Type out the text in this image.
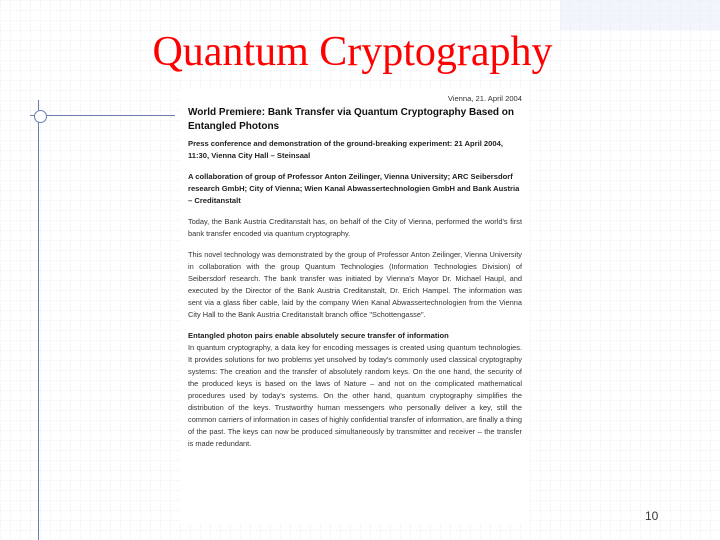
Quantum Cryptography
Vienna, 21. April 2004
World Premiere: Bank Transfer via Quantum Cryptography Based on Entangled Photons
Press conference and demonstration of the ground-breaking experiment: 21 April 2004, 11:30, Vienna City Hall – Steinsaal
A collaboration of group of Professor Anton Zeilinger, Vienna University; ARC Seibersdorf research GmbH; City of Vienna; Wien Kanal Abwassertechnologien GmbH and Bank Austria – Creditanstalt
Today, the Bank Austria Creditanstalt has, on behalf of the City of Vienna, performed the world's first bank transfer encoded via quantum cryptography.
This novel technology was demonstrated by the group of Professor Anton Zeilinger, Vienna University in collaboration with the group Quantum Technologies (Information Technologies Division) of Seibersdorf research. The bank transfer was initiated by Vienna's Mayor Dr. Michael Haupl, and executed by the Director of the Bank Austria Creditanstalt, Dr. Erich Hampel. The information was sent via a glass fiber cable, laid by the company Wien Kanal Abwassertechnologien from the Vienna City Hall to the Bank Austria Creditanstalt branch office "Schottengasse".
Entangled photon pairs enable absolutely secure transfer of information
In quantum cryptography, a data key for encoding messages is created using quantum technologies. It provides solutions for two problems yet unsolved by today's commonly used classical cryptography systems: The creation and the transfer of absolutely random keys. On the one hand, the security of the produced keys is based on the laws of Nature – and not on the complicated mathematical procedures used by today's systems. On the other hand, quantum cryptography simplifies the distribution of the keys. Trustworthy human messengers who personally deliver a key, still the common carriers of information in cases of highly confidential transfer of information, are finally a thing of the past. The keys can now be produced simultaneously by transmitter and receiver – the transfer is made redundant.
10
